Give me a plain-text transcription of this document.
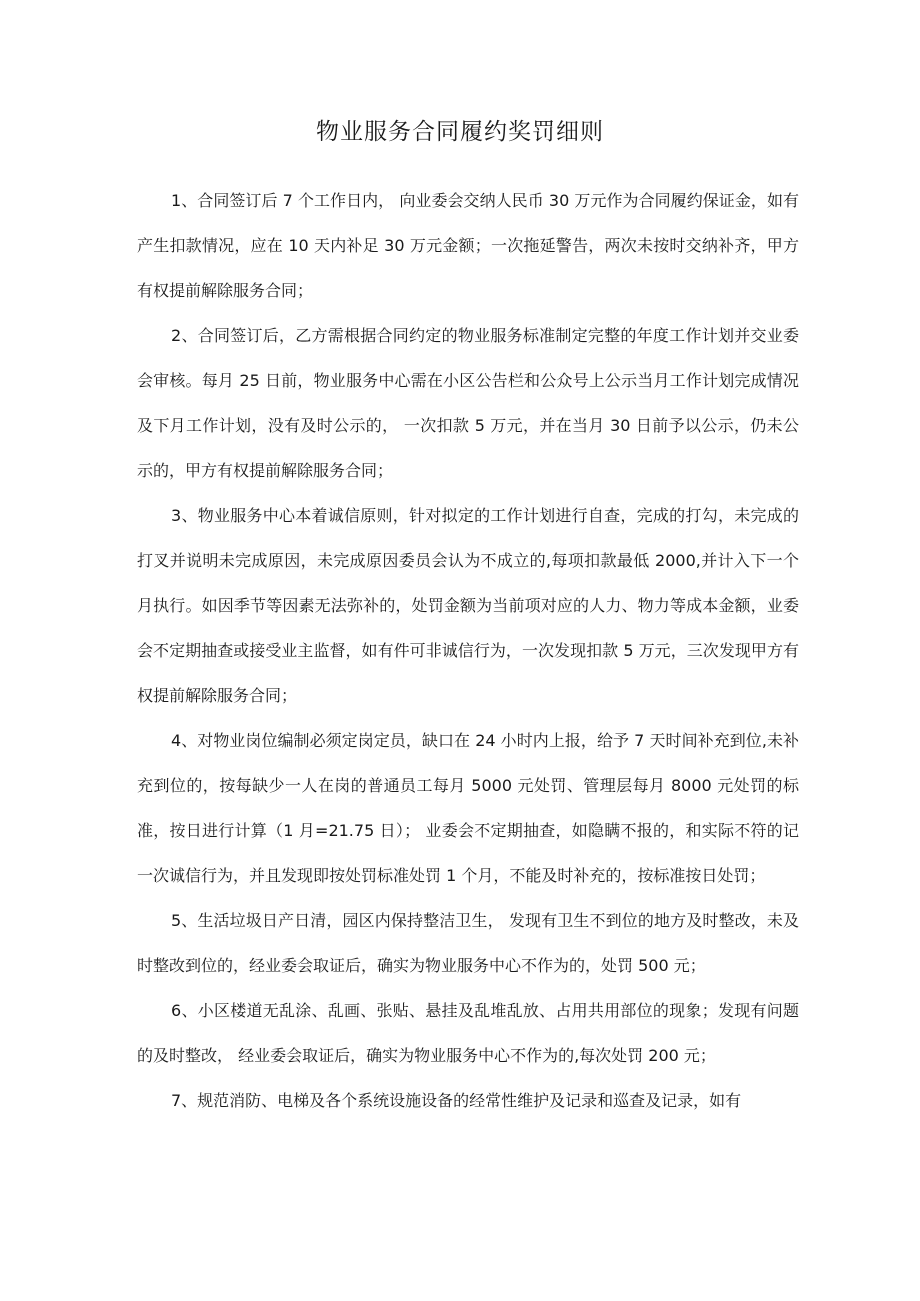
物业服务合同履约奖罚细则

1、合同签订后 7 个工作日内， 向业委会交纳人民币 30 万元作为合同履约保证金，如有产生扣款情况，应在 10 天内补足 30 万元金额；一次拖延警告，两次未按时交纳补齐，甲方有权提前解除服务合同；

2、合同签订后，乙方需根据合同约定的物业服务标准制定完整的年度工作计划并交业委会审核。每月 25 日前，物业服务中心需在小区公告栏和公众号上公示当月工作计划完成情况及下月工作计划，没有及时公示的， 一次扣款 5 万元，并在当月 30 日前予以公示，仍未公示的，甲方有权提前解除服务合同；

3、物业服务中心本着诚信原则，针对拟定的工作计划进行自查，完成的打勾，未完成的打叉并说明未完成原因，未完成原因委员会认为不成立的,每项扣款最低 2000,并计入下一个月执行。如因季节等因素无法弥补的，处罚金额为当前项对应的人力、物力等成本金额，业委会不定期抽查或接受业主监督，如有件可非诚信行为，一次发现扣款 5 万元，三次发现甲方有权提前解除服务合同；

4、对物业岗位编制必须定岗定员，缺口在 24 小时内上报，给予 7 天时间补充到位,未补充到位的，按每缺少一人在岗的普通员工每月 5000 元处罚、管理层每月 8000 元处罚的标准，按日进行计算（1 月=21.75 日）； 业委会不定期抽查，如隐瞒不报的，和实际不符的记一次诚信行为，并且发现即按处罚标准处罚 1 个月，不能及时补充的，按标准按日处罚；

5、生活垃圾日产日清，园区内保持整洁卫生， 发现有卫生不到位的地方及时整改，未及时整改到位的，经业委会取证后，确实为物业服务中心不作为的，处罚 500 元；

6、小区楼道无乱涂、乱画、张贴、悬挂及乱堆乱放、占用共用部位的现象；发现有问题的及时整改， 经业委会取证后，确实为物业服务中心不作为的,每次处罚 200 元；

7、规范消防、电梯及各个系统设施设备的经常性维护及记录和巡查及记录，如有
